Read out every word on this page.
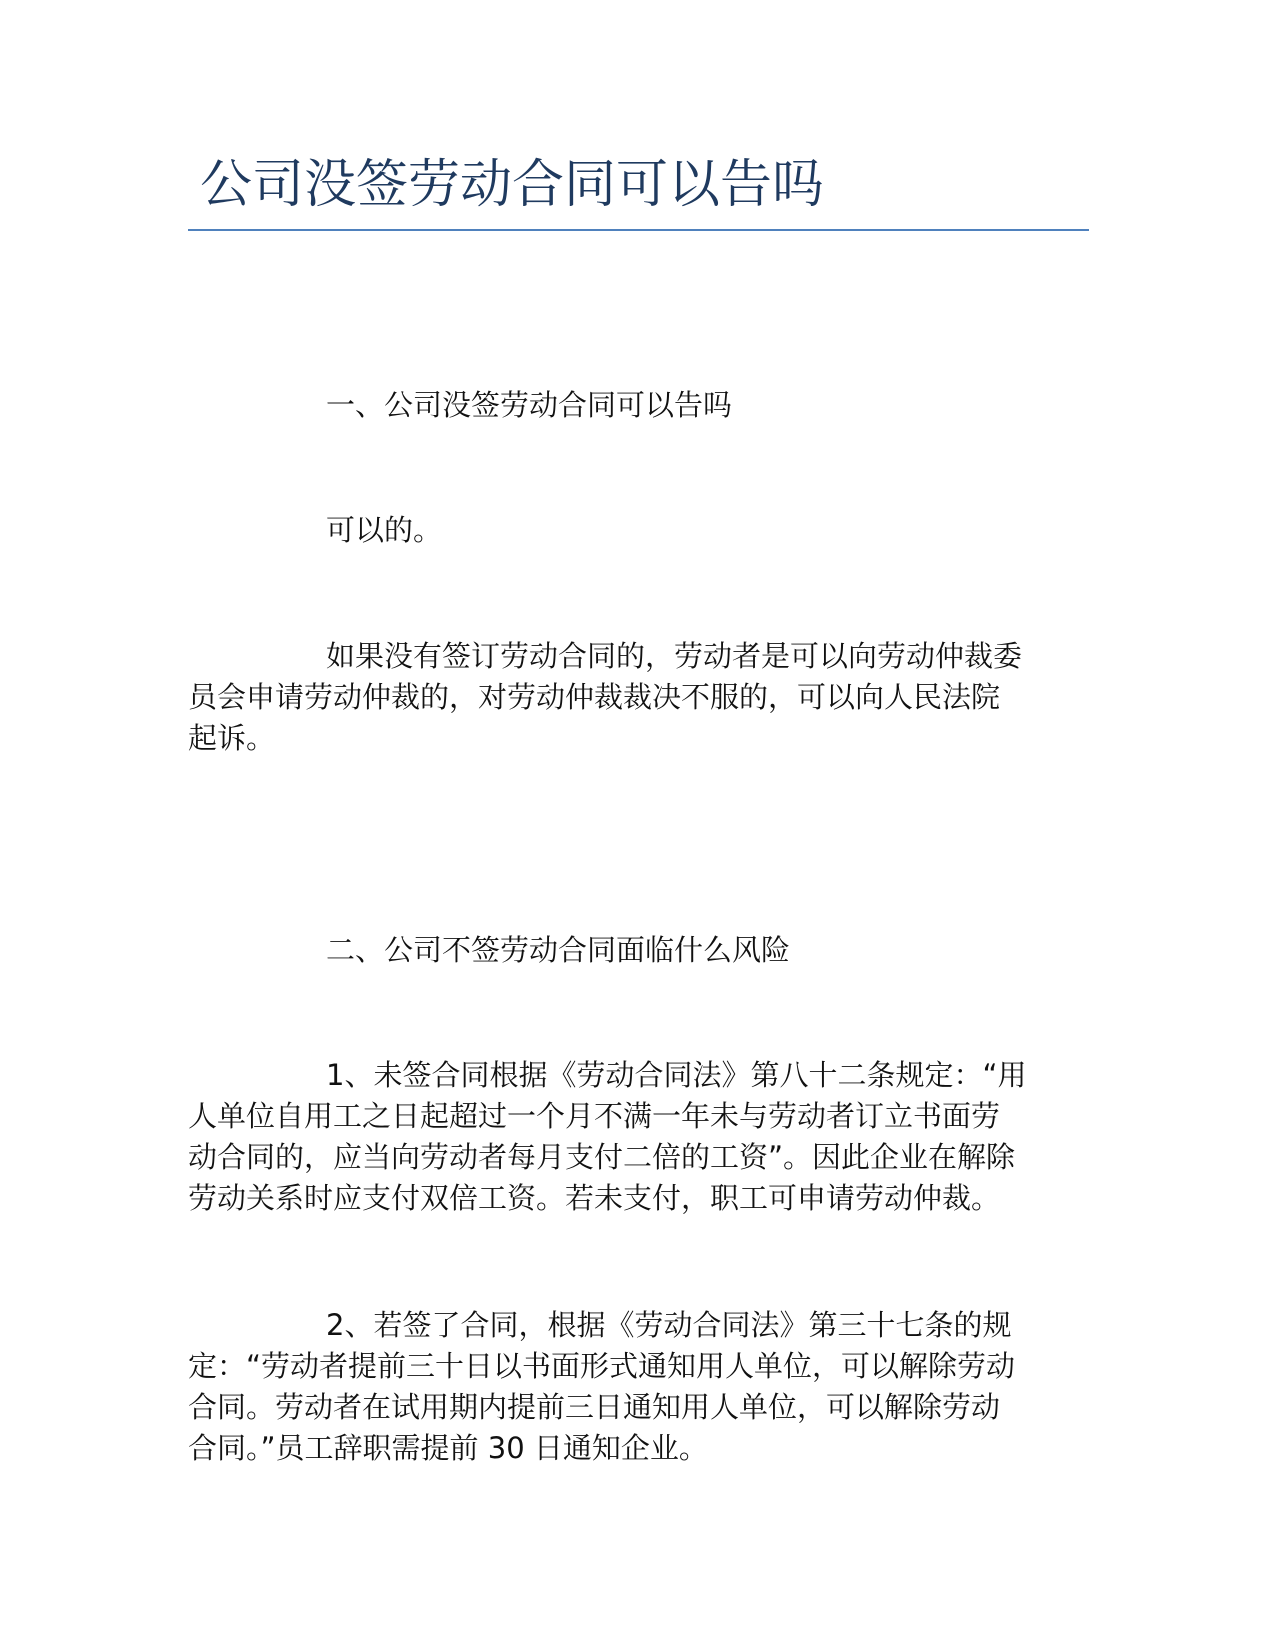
公司没签劳动合同可以告吗

一、公司没签劳动合同可以告吗

可以的。

如果没有签订劳动合同的，劳动者是可以向劳动仲裁委
员会申请劳动仲裁的，对劳动仲裁裁决不服的，可以向人民法院
起诉。

二、公司不签劳动合同面临什么风险

1、未签合同根据《劳动合同法》第八十二条规定：“用
人单位自用工之日起超过一个月不满一年未与劳动者订立书面劳
动合同的，应当向劳动者每月支付二倍的工资”。因此企业在解除
劳动关系时应支付双倍工资。若未支付，职工可申请劳动仲裁。

2、若签了合同，根据《劳动合同法》第三十七条的规
定：“劳动者提前三十日以书面形式通知用人单位，可以解除劳动
合同。劳动者在试用期内提前三日通知用人单位，可以解除劳动
合同。”员工辞职需提前 30 日通知企业。
